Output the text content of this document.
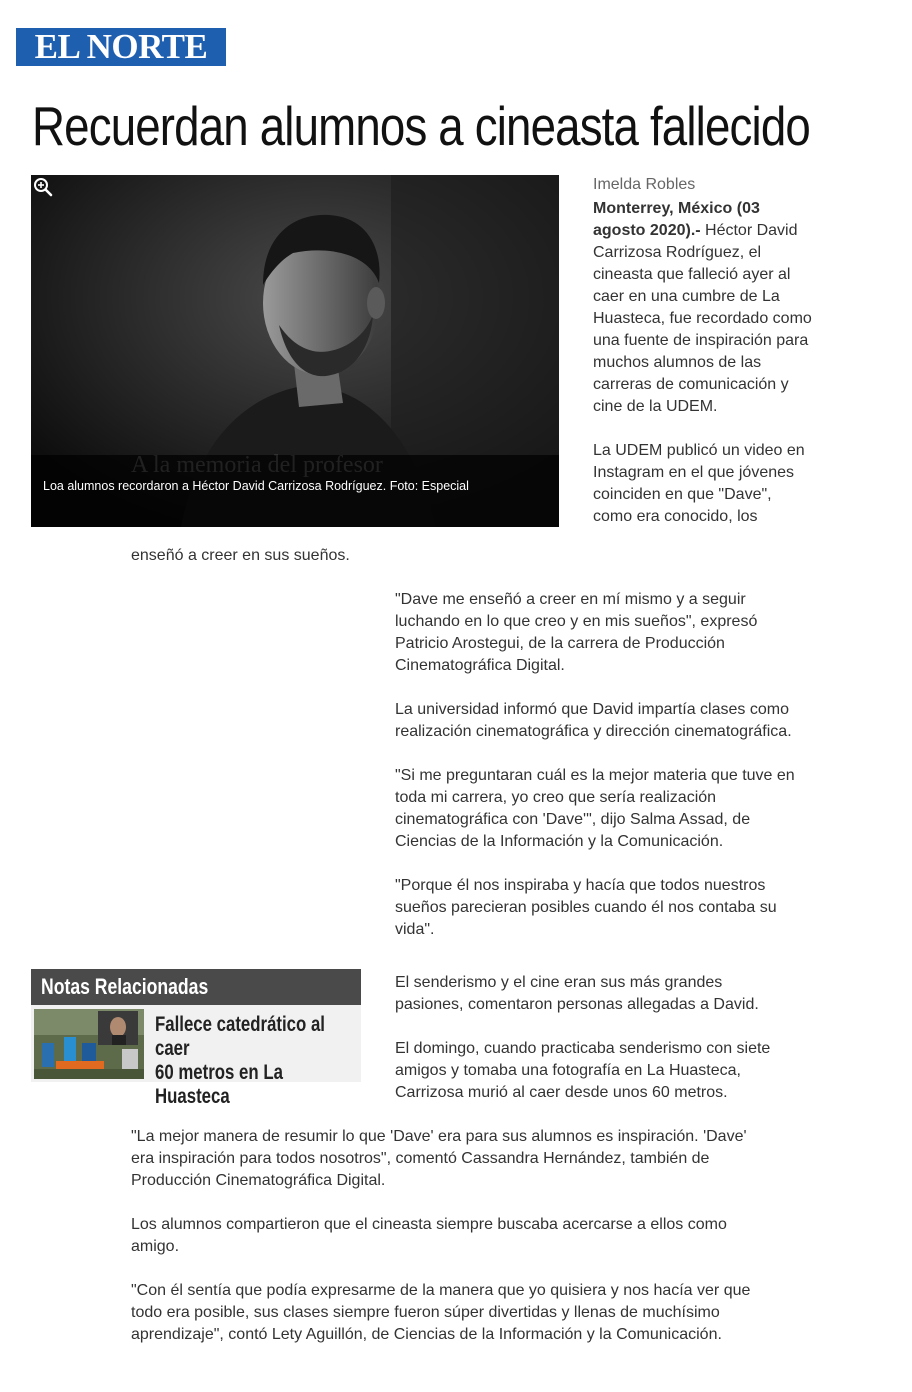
EL NORTE
Recuerdan alumnos a cineasta fallecido
Loa alumnos recordaron a Héctor David Carrizosa Rodríguez. Foto: Especial
Imelda Robles

Monterrey, México (03
agosto 2020).- Héctor David
Carrizosa Rodríguez, el
cineasta que falleció ayer al
caer en una cumbre de La
Huasteca, fue recordado como
una fuente de inspiración para
muchos alumnos de las
carreras de comunicación y
cine de la UDEM.

La UDEM publicó un video en
Instagram en el que jóvenes
coinciden en que "Dave",
como era conocido, los

enseñó a creer en sus sueños.

"Dave me enseñó a creer en mí mismo y a seguir
luchando en lo que creo y en mis sueños", expresó
Patricio Arostegui, de la carrera de Producción
Cinematográfica Digital.

La universidad informó que David impartía clases como
realización cinematográfica y dirección cinematográfica.

"Si me preguntaran cuál es la mejor materia que tuve en
toda mi carrera, yo creo que sería realización
cinematográfica con 'Dave'", dijo Salma Assad, de
Ciencias de la Información y la Comunicación.

"Porque él nos inspiraba y hacía que todos nuestros
sueños parecieran posibles cuando él nos contaba su
vida".

Notas Relacionadas
Fallece catedrático al caer
60 metros en La Huasteca

El senderismo y el cine eran sus más grandes
pasiones, comentaron personas allegadas a David.

El domingo, cuando practicaba senderismo con siete
amigos y tomaba una fotografía en La Huasteca,
Carrizosa murió al caer desde unos 60 metros.

"La mejor manera de resumir lo que 'Dave' era para sus alumnos es inspiración. 'Dave'
era inspiración para todos nosotros", comentó Cassandra Hernández, también de
Producción Cinematográfica Digital.

Los alumnos compartieron que el cineasta siempre buscaba acercarse a ellos como
amigo.

"Con él sentía que podía expresarme de la manera que yo quisiera y nos hacía ver que
todo era posible, sus clases siempre fueron súper divertidas y llenas de muchísimo
aprendizaje", contó Lety Aguillón, de Ciencias de la Información y la Comunicación.
